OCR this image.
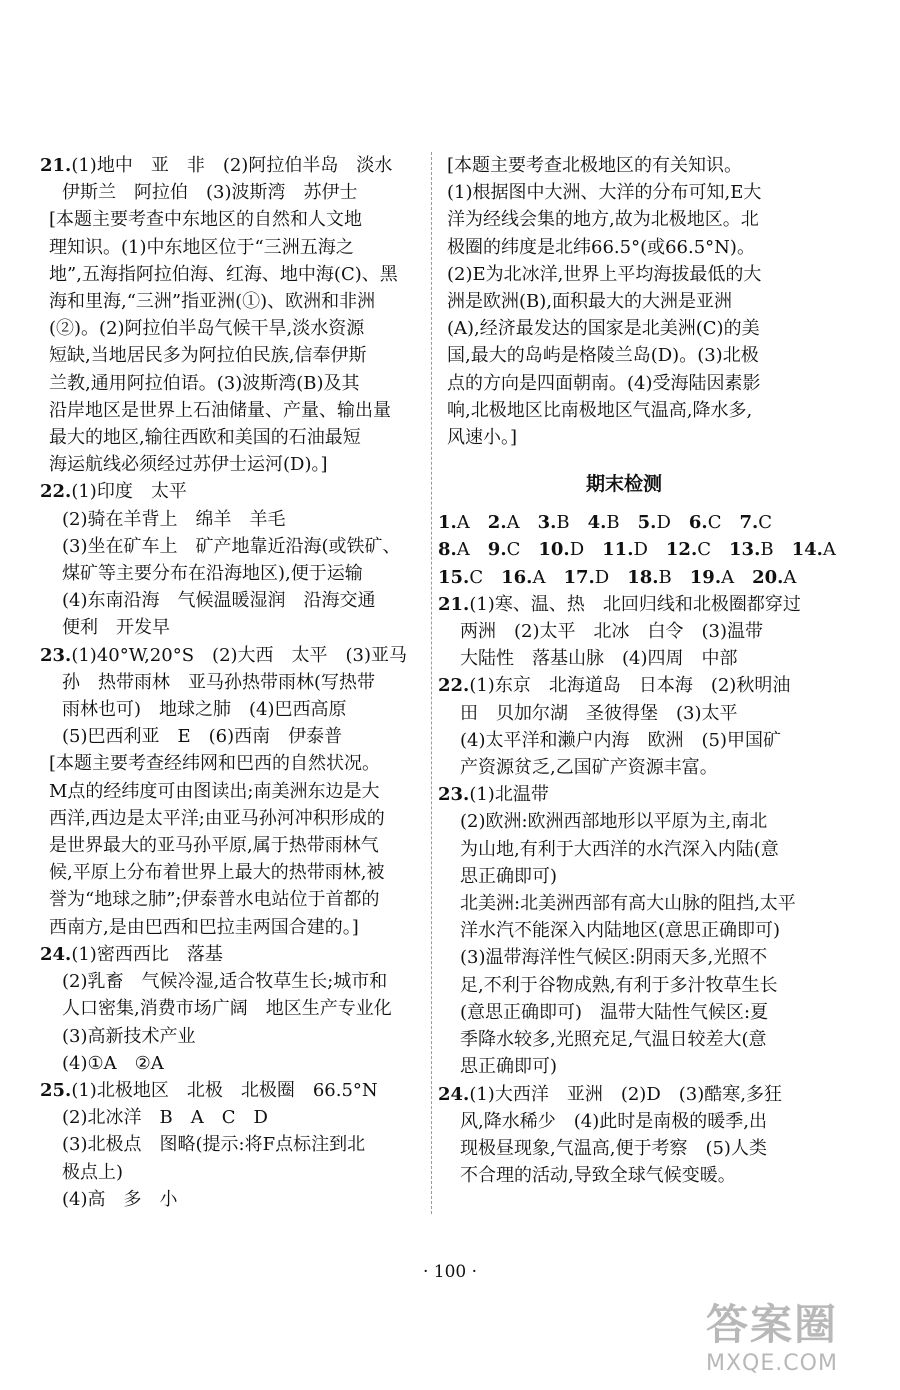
21.(1)地中　亚　非　(2)阿拉伯半岛　淡水
伊斯兰　阿拉伯　(3)波斯湾　苏伊士
[本题主要考查中东地区的自然和人文地
理知识。(1)中东地区位于“三洲五海之
地”,五海指阿拉伯海、红海、地中海(C)、黑
海和里海,“三洲”指亚洲(①)、欧洲和非洲
(②)。(2)阿拉伯半岛气候干旱,淡水资源
短缺,当地居民多为阿拉伯民族,信奉伊斯
兰教,通用阿拉伯语。(3)波斯湾(B)及其
沿岸地区是世界上石油储量、产量、输出量
最大的地区,输往西欧和美国的石油最短
海运航线必须经过苏伊士运河(D)。]
22.(1)印度　太平
(2)骑在羊背上　绵羊　羊毛
(3)坐在矿车上　矿产地靠近沿海(或铁矿、
煤矿等主要分布在沿海地区),便于运输
(4)东南沿海　气候温暖湿润　沿海交通
便利　开发早
23.(1)40°W,20°S　(2)大西　太平　(3)亚马
孙　热带雨林　亚马孙热带雨林(写热带
雨林也可)　地球之肺　(4)巴西高原
(5)巴西利亚　E　(6)西南　伊泰普
[本题主要考查经纬网和巴西的自然状况。
M点的经纬度可由图读出;南美洲东边是大
西洋,西边是太平洋;由亚马孙河冲积形成的
是世界最大的亚马孙平原,属于热带雨林气
候,平原上分布着世界上最大的热带雨林,被
誉为“地球之肺”;伊泰普水电站位于首都的
西南方,是由巴西和巴拉圭两国合建的。]
24.(1)密西西比　落基
(2)乳畜　气候冷湿,适合牧草生长;城市和
人口密集,消费市场广阔　地区生产专业化
(3)高新技术产业
(4)①A　②A
25.(1)北极地区　北极　北极圈　66.5°N
(2)北冰洋　B　A　C　D
(3)北极点　图略(提示:将F点标注到北
极点上)
(4)高　多　小
[本题主要考查北极地区的有关知识。
(1)根据图中大洲、大洋的分布可知,E大
洋为经线会集的地方,故为北极地区。北
极圈的纬度是北纬66.5°(或66.5°N)。
(2)E为北冰洋,世界上平均海拔最低的大
洲是欧洲(B),面积最大的大洲是亚洲
(A),经济最发达的国家是北美洲(C)的美
国,最大的岛屿是格陵兰岛(D)。(3)北极
点的方向是四面朝南。(4)受海陆因素影
响,北极地区比南极地区气温高,降水多,
风速小。]
期末检测
1.A　2.A　3.B　4.B　5.D　6.C　7.C
8.A　9.C　10.D　11.D　12.C　13.B　14.A
15.C　16.A　17.D　18.B　19.A　20.A
21.(1)寒、温、热　北回归线和北极圈都穿过
两洲　(2)太平　北冰　白令　(3)温带
大陆性　落基山脉　(4)四周　中部
22.(1)东京　北海道岛　日本海　(2)秋明油
田　贝加尔湖　圣彼得堡　(3)太平
(4)太平洋和濑户内海　欧洲　(5)甲国矿
产资源贫乏,乙国矿产资源丰富。
23.(1)北温带
(2)欧洲:欧洲西部地形以平原为主,南北
为山地,有利于大西洋的水汽深入内陆(意
思正确即可)
北美洲:北美洲西部有高大山脉的阻挡,太平
洋水汽不能深入内陆地区(意思正确即可)
(3)温带海洋性气候区:阴雨天多,光照不
足,不利于谷物成熟,有利于多汁牧草生长
(意思正确即可)　温带大陆性气候区:夏
季降水较多,光照充足,气温日较差大(意
思正确即可)
24.(1)大西洋　亚洲　(2)D　(3)酷寒,多狂
风,降水稀少　(4)此时是南极的暖季,出
现极昼现象,气温高,便于考察　(5)人类
不合理的活动,导致全球气候变暖。
· 100 ·
答案圈
MXQE.COM
